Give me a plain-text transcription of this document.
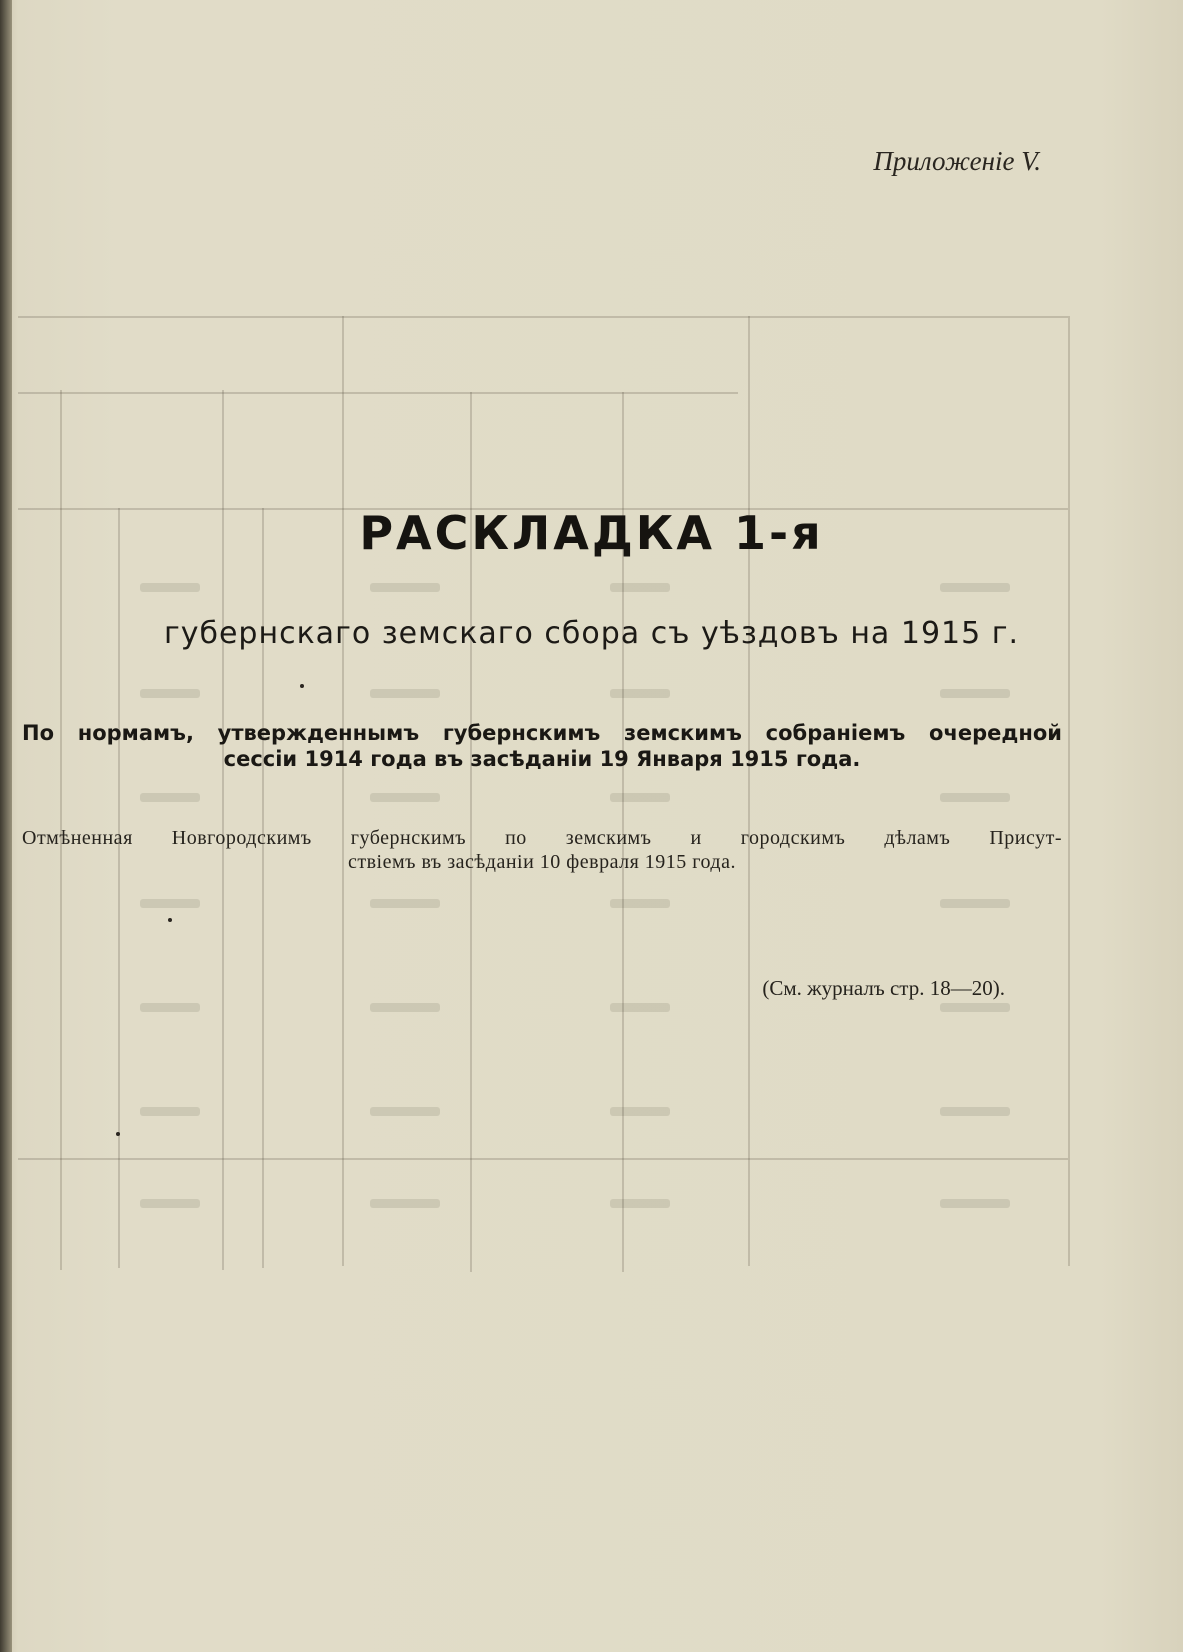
Приложеніе V.
РАСКЛАДКА 1-я
губернскаго земскаго сбора съ уѣздовъ на 1915 г.
По нормамъ, утвержденнымъ губернскимъ земскимъ собраніемъ очередной
сессіи 1914 года въ засѣданіи 19 Января 1915 года.
Отмѣненная Новгородскимъ губернскимъ по земскимъ и городскимъ дѣламъ Присут-
ствіемъ въ засѣданіи 10 февраля 1915 года.
(См. журналъ стр. 18—20).
